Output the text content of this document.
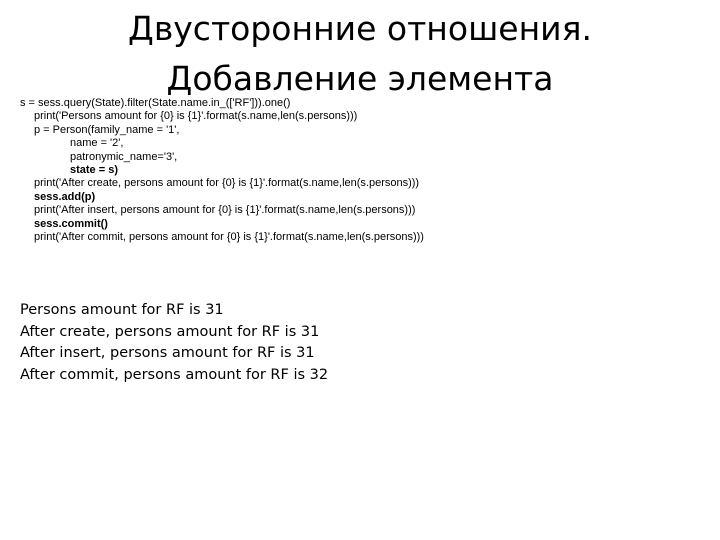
Двусторонние отношения.
Добавление элемента
s = sess.query(State).filter(State.name.in_(['RF'])).one()
print('Persons amount for {0} is {1}'.format(s.name,len(s.persons)))
p = Person(family_name = '1',
name = '2',
patronymic_name='3',
state = s)
print('After create, persons amount for {0} is {1}'.format(s.name,len(s.persons)))
sess.add(p)
print('After insert, persons amount for {0} is {1}'.format(s.name,len(s.persons)))
sess.commit()
print('After commit, persons amount for {0} is {1}'.format(s.name,len(s.persons)))
Persons amount for RF is 31
After create, persons amount for RF is 31
After insert, persons amount for RF is 31
After commit, persons amount for RF is 32
